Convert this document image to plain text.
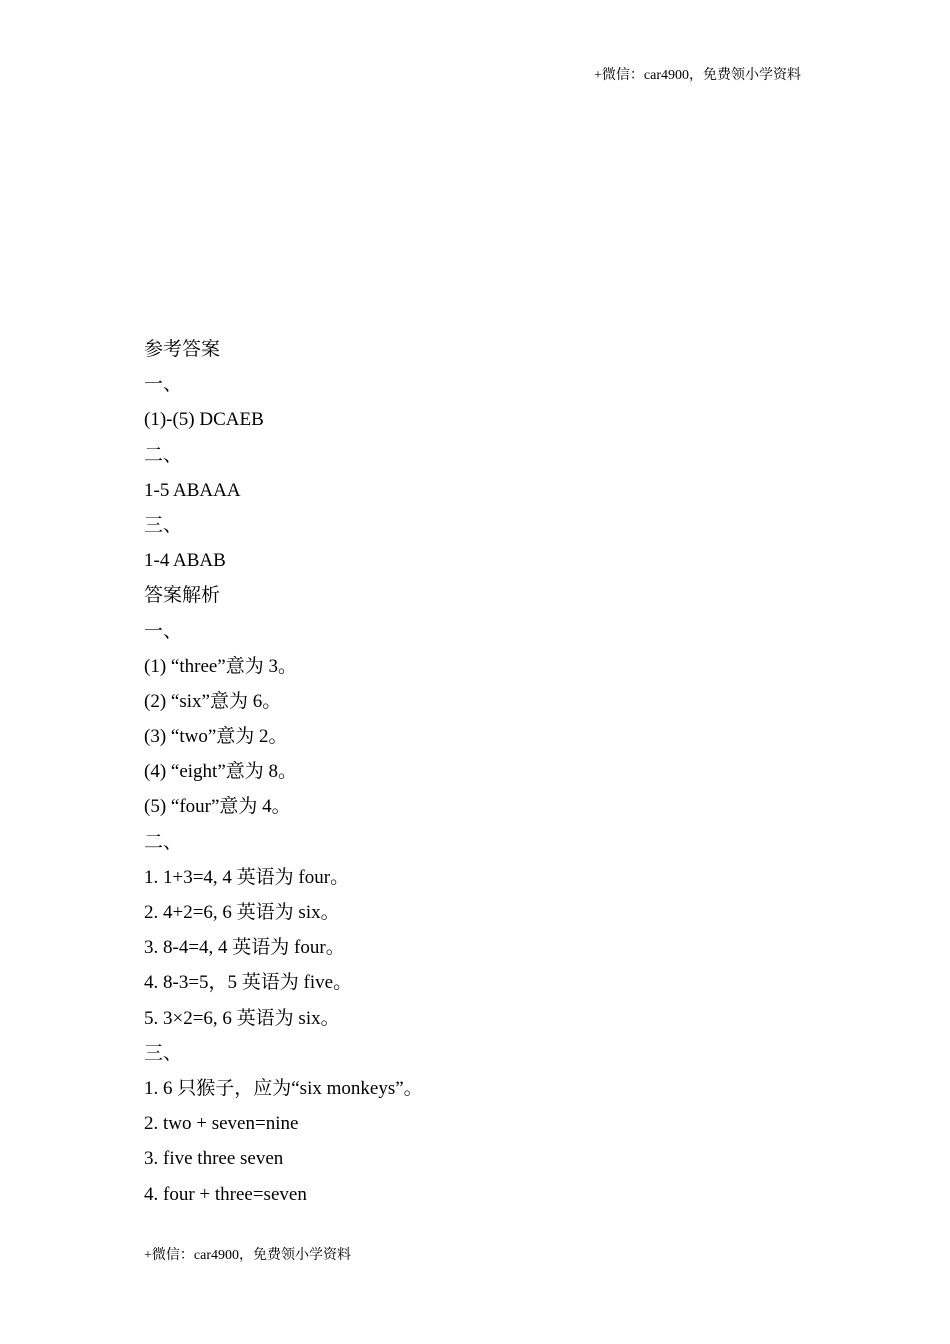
+微信：car4900，免费领小学资料
参考答案
一、
(1)-(5) DCAEB
二、
1-5 ABAAA
三、
1-4 ABAB
答案解析
一、
(1) “three”意为 3。
(2) “six”意为 6。
(3) “two”意为 2。
(4) “eight”意为 8。
(5) “four”意为 4。
二、
1. 1+3=4, 4 英语为 four。
2. 4+2=6, 6 英语为 six。
3. 8-4=4, 4 英语为 four。
4. 8-3=5，5 英语为 five。
5. 3×2=6, 6 英语为 six。
三、
1. 6 只猴子，应为“six monkeys”。
2. two + seven=nine
3. five three seven
4. four + three=seven
+微信：car4900，免费领小学资料
